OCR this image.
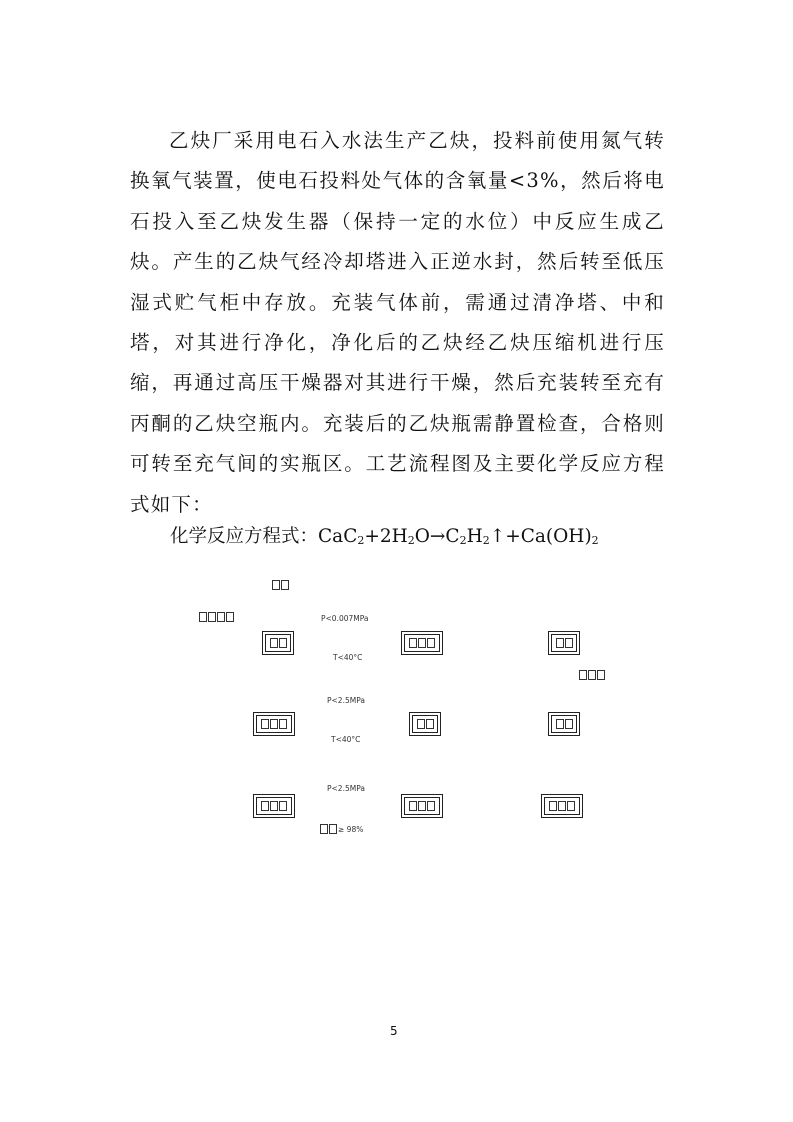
乙炔厂采用电石入水法生产乙炔，投料前使用氮气转换氧气装置，使电石投料处气体的含氧量<3%，然后将电石投入至乙炔发生器（保持一定的水位）中反应生成乙炔。产生的乙炔气经冷却塔进入正逆水封，然后转至低压湿式贮气柜中存放。充装气体前，需通过清净塔、中和塔，对其进行净化，净化后的乙炔经乙炔压缩机进行压缩，再通过高压干燥器对其进行干燥，然后充装转至充有丙酮的乙炔空瓶内。充装后的乙炔瓶需静置检查，合格则可转至充气间的实瓶区。工艺流程图及主要化学反应方程式如下：

化学反应方程式：$CaC_2+2H_2O\to C_2H_2↑+Ca(OH)_2$

P<0.007MPa
T<40°C
P<2.5MPa
T<40°C
P<2.5MPa
≥ 98%
5
